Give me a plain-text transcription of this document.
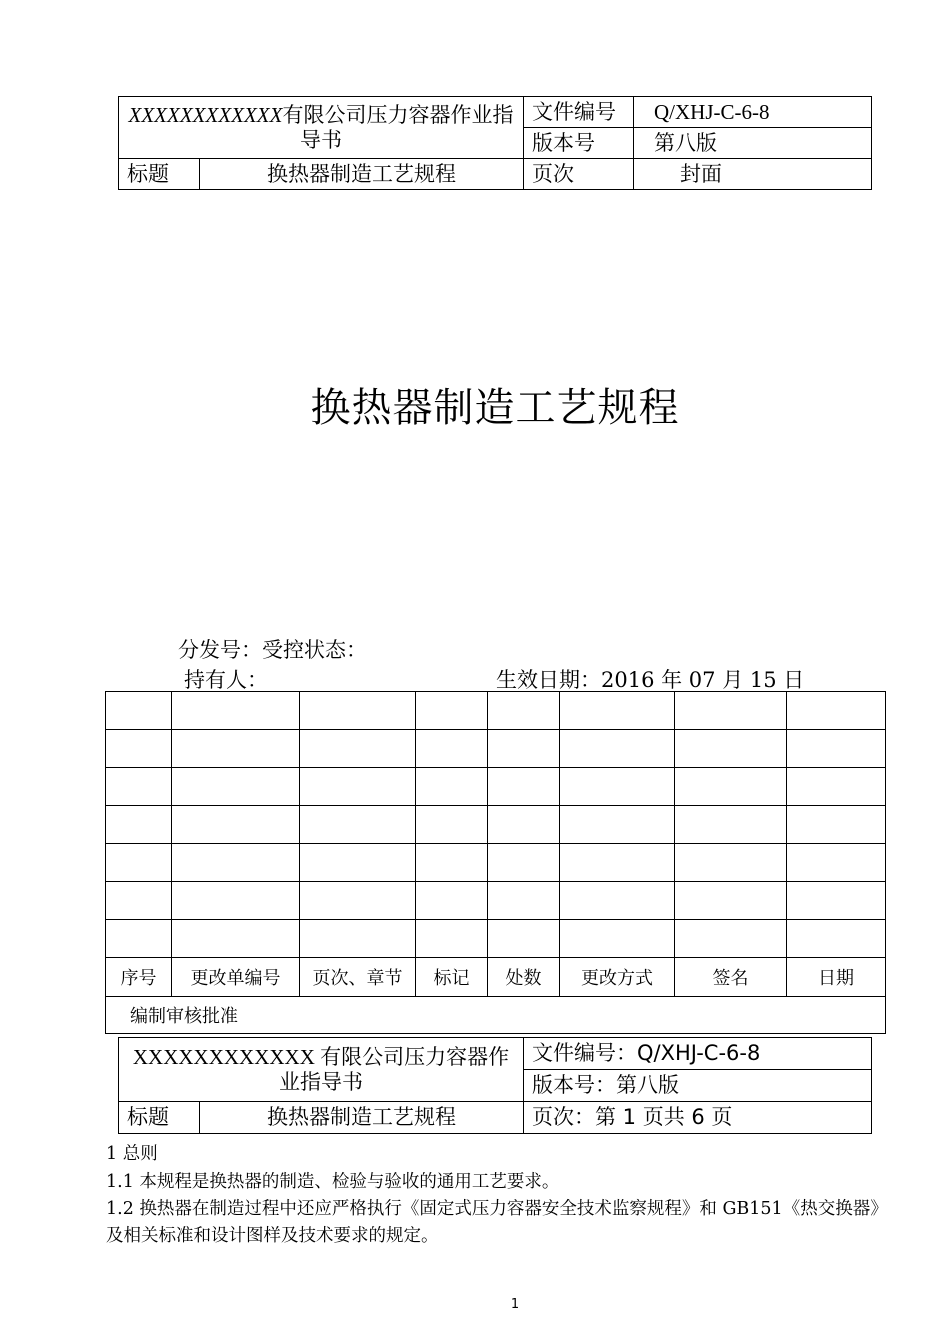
XXXXXXXXXXXX有限公司压力容器作业指导书		文件编号	Q/XHJ-C-6-8
		版本号	第八版
标题	换热器制造工艺规程	页次	封面
换热器制造工艺规程
分发号：受控状态：
持有人：	生效日期：2016 年 07 月 15 日

序号	更改单编号	页次、章节	标记	处数	更改方式	签名	日期
编制审核批准							
XXXXXXXXXXXX 有限公司压力容器作业指导书		文件编号：Q/XHJ-C-6-8
		版本号：第八版
标题	换热器制造工艺规程	页次：第 1 页共 6 页
1 总则
1.1 本规程是换热器的制造、检验与验收的通用工艺要求。
1.2 换热器在制造过程中还应严格执行《固定式压力容器安全技术监察规程》和 GB151《热交换器》及相关标准和设计图样及技术要求的规定。
1
